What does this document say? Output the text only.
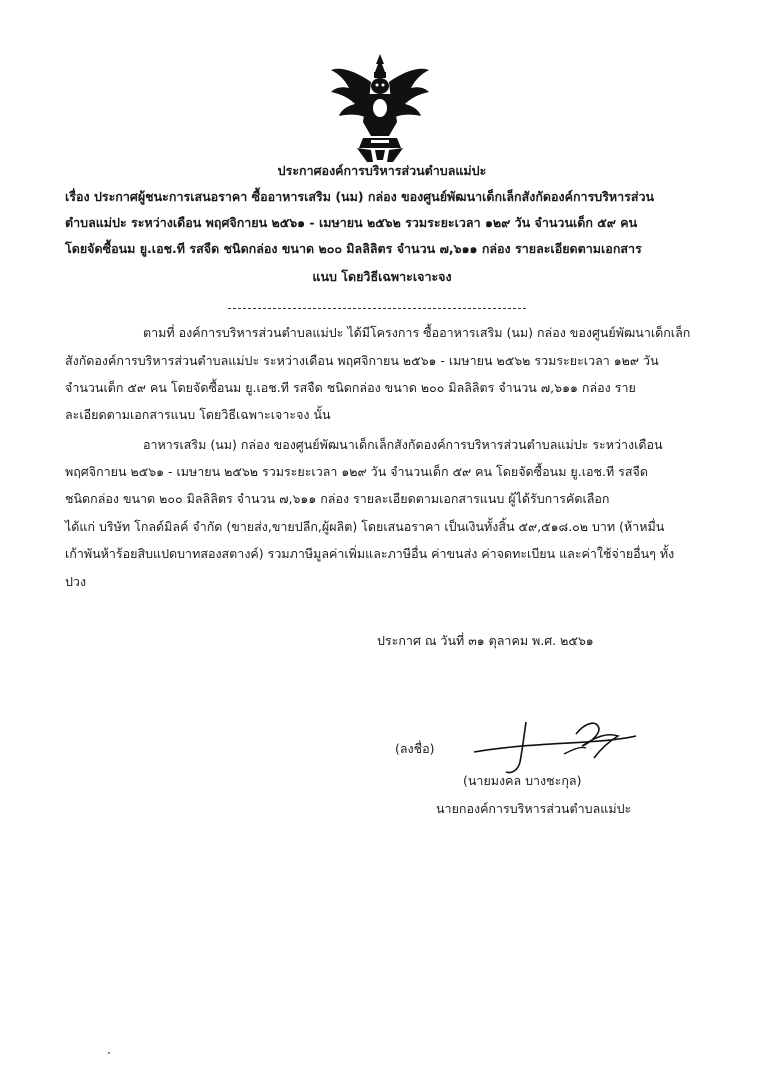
ประกาศองค์การบริหารส่วนตำบลแม่ปะ
เรื่อง ประกาศผู้ชนะการเสนอราคา ซื้ออาหารเสริม (นม) กล่อง ของศูนย์พัฒนาเด็กเล็กสังกัดองค์การบริหารส่วน
ตำบลแม่ปะ ระหว่างเดือน พฤศจิกายน ๒๕๖๑ - เมษายน ๒๕๖๒ รวมระยะเวลา ๑๒๙ วัน จำนวนเด็ก ๕๙ คน
โดยจัดซื้อนม ยู.เอช.ที รสจืด ชนิดกล่อง ขนาด ๒๐๐ มิลลิลิตร จำนวน ๗,๖๑๑ กล่อง รายละเอียดตามเอกสาร
แนบ โดยวิธีเฉพาะเจาะจง
ตามที่ องค์การบริหารส่วนตำบลแม่ปะ ได้มีโครงการ ซื้ออาหารเสริม (นม) กล่อง ของศูนย์พัฒนาเด็กเล็ก
สังกัดองค์การบริหารส่วนตำบลแม่ปะ ระหว่างเดือน พฤศจิกายน ๒๕๖๑ - เมษายน ๒๕๖๒ รวมระยะเวลา ๑๒๙ วัน
จำนวนเด็ก ๕๙ คน โดยจัดซื้อนม ยู.เอช.ที รสจืด ชนิดกล่อง ขนาด ๒๐๐ มิลลิลิตร จำนวน ๗,๖๑๑ กล่อง ราย
ละเอียดตามเอกสารแนบ โดยวิธีเฉพาะเจาะจง นั้น
อาหารเสริม (นม) กล่อง ของศูนย์พัฒนาเด็กเล็กสังกัดองค์การบริหารส่วนตำบลแม่ปะ ระหว่างเดือน
พฤศจิกายน ๒๕๖๑ - เมษายน ๒๕๖๒ รวมระยะเวลา ๑๒๙ วัน จำนวนเด็ก ๕๙ คน โดยจัดซื้อนม ยู.เอช.ที รสจืด
ชนิดกล่อง ขนาด ๒๐๐ มิลลิลิตร จำนวน ๗,๖๑๑ กล่อง รายละเอียดตามเอกสารแนบ ผู้ได้รับการคัดเลือก
ได้แก่ บริษัท โกลด์มิลค์ จำกัด (ขายส่ง,ขายปลีก,ผู้ผลิต) โดยเสนอราคา เป็นเงินทั้งสิ้น ๕๙,๕๑๘.๐๒ บาท (ห้าหมื่น
เก้าพันห้าร้อยสิบแปดบาทสองสตางค์) รวมภาษีมูลค่าเพิ่มและภาษีอื่น ค่าขนส่ง ค่าจดทะเบียน และค่าใช้จ่ายอื่นๆ ทั้ง
ปวง
ประกาศ ณ วันที่ ๓๑ ตุลาคม พ.ศ. ๒๕๖๑
(ลงชื่อ)
(นายมงคล บางชะกุล)
นายกองค์การบริหารส่วนตำบลแม่ปะ
